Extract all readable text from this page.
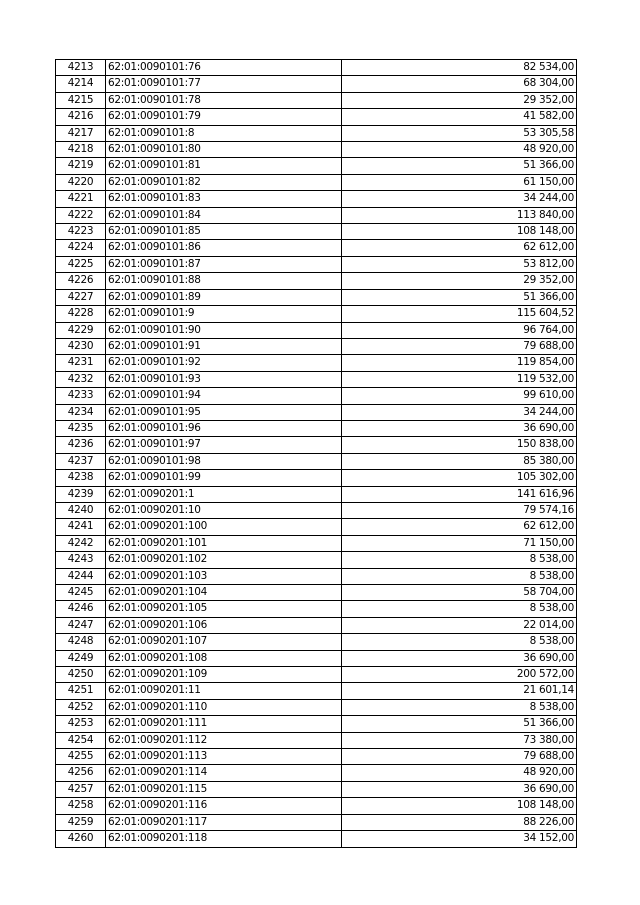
4213	62:01:0090101:76	82 534,00
4214	62:01:0090101:77	68 304,00
4215	62:01:0090101:78	29 352,00
4216	62:01:0090101:79	41 582,00
4217	62:01:0090101:8	53 305,58
4218	62:01:0090101:80	48 920,00
4219	62:01:0090101:81	51 366,00
4220	62:01:0090101:82	61 150,00
4221	62:01:0090101:83	34 244,00
4222	62:01:0090101:84	113 840,00
4223	62:01:0090101:85	108 148,00
4224	62:01:0090101:86	62 612,00
4225	62:01:0090101:87	53 812,00
4226	62:01:0090101:88	29 352,00
4227	62:01:0090101:89	51 366,00
4228	62:01:0090101:9	115 604,52
4229	62:01:0090101:90	96 764,00
4230	62:01:0090101:91	79 688,00
4231	62:01:0090101:92	119 854,00
4232	62:01:0090101:93	119 532,00
4233	62:01:0090101:94	99 610,00
4234	62:01:0090101:95	34 244,00
4235	62:01:0090101:96	36 690,00
4236	62:01:0090101:97	150 838,00
4237	62:01:0090101:98	85 380,00
4238	62:01:0090101:99	105 302,00
4239	62:01:0090201:1	141 616,96
4240	62:01:0090201:10	79 574,16
4241	62:01:0090201:100	62 612,00
4242	62:01:0090201:101	71 150,00
4243	62:01:0090201:102	8 538,00
4244	62:01:0090201:103	8 538,00
4245	62:01:0090201:104	58 704,00
4246	62:01:0090201:105	8 538,00
4247	62:01:0090201:106	22 014,00
4248	62:01:0090201:107	8 538,00
4249	62:01:0090201:108	36 690,00
4250	62:01:0090201:109	200 572,00
4251	62:01:0090201:11	21 601,14
4252	62:01:0090201:110	8 538,00
4253	62:01:0090201:111	51 366,00
4254	62:01:0090201:112	73 380,00
4255	62:01:0090201:113	79 688,00
4256	62:01:0090201:114	48 920,00
4257	62:01:0090201:115	36 690,00
4258	62:01:0090201:116	108 148,00
4259	62:01:0090201:117	88 226,00
4260	62:01:0090201:118	34 152,00
